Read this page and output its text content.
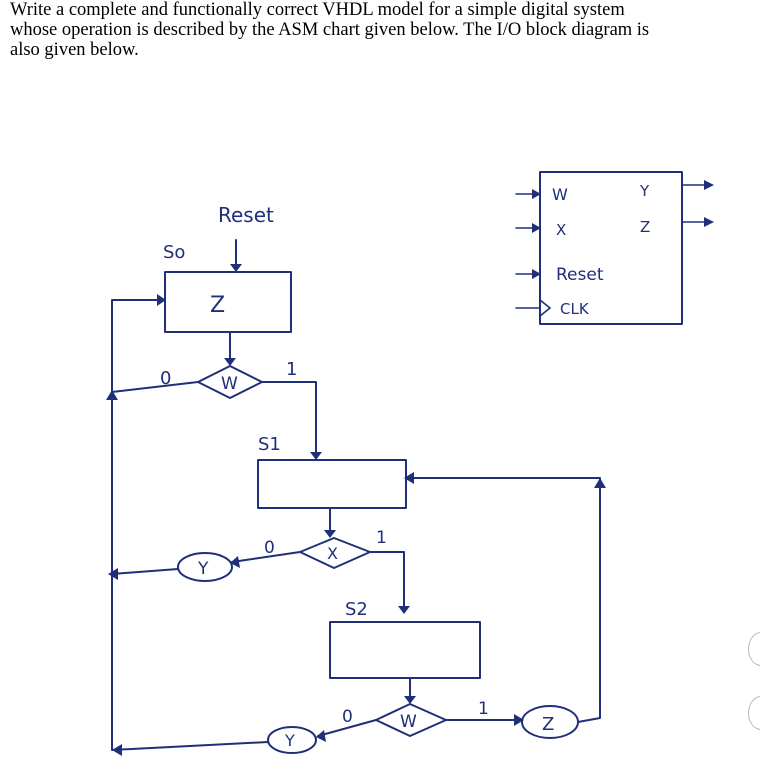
Write a complete and functionally correct VHDL model for a simple digital system

whose operation is described by the ASM chart given below. The I/O block diagram is

also given below.

Reset
So
Z
W
0	1
S1
X
0	1
Y
S2
W
0	1
Y
Z
W
X
Reset
CLK
Y
Z
